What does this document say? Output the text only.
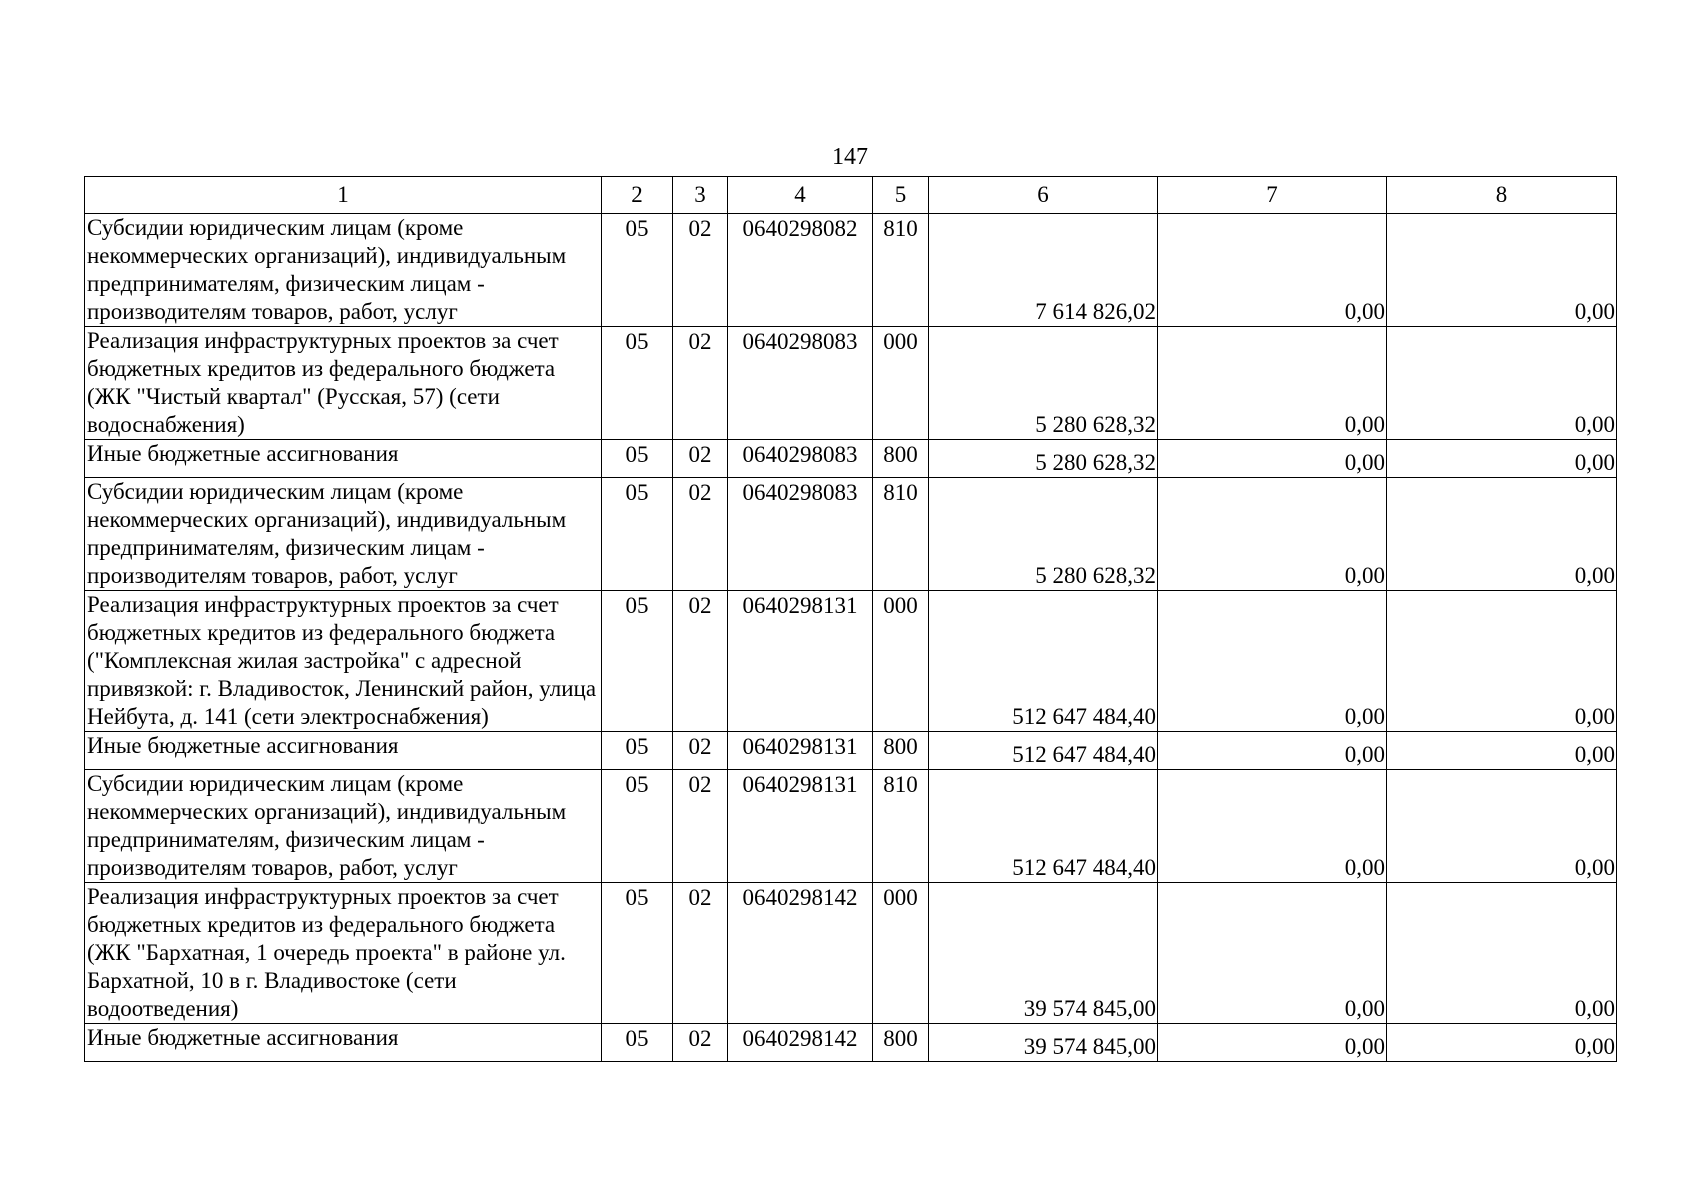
147
1	2	3	4	5	6	7	8
Субсидии юридическим лицам (кроме некоммерческих организаций), индивидуальным предпринимателям, физическим лицам - производителям товаров, работ, услуг	05	02	0640298082	810	7 614 826,02	0,00	0,00
Реализация инфраструктурных проектов за счет бюджетных кредитов из федерального бюджета (ЖК "Чистый квартал" (Русская, 57) (сети водоснабжения)	05	02	0640298083	000	5 280 628,32	0,00	0,00
Иные бюджетные ассигнования	05	02	0640298083	800	5 280 628,32	0,00	0,00
Субсидии юридическим лицам (кроме некоммерческих организаций), индивидуальным предпринимателям, физическим лицам - производителям товаров, работ, услуг	05	02	0640298083	810	5 280 628,32	0,00	0,00
Реализация инфраструктурных проектов за счет бюджетных кредитов из федерального бюджета ("Комплексная жилая застройка" с адресной привязкой: г. Владивосток, Ленинский район, улица Нейбута, д. 141 (сети электроснабжения)	05	02	0640298131	000	512 647 484,40	0,00	0,00
Иные бюджетные ассигнования	05	02	0640298131	800	512 647 484,40	0,00	0,00
Субсидии юридическим лицам (кроме некоммерческих организаций), индивидуальным предпринимателям, физическим лицам - производителям товаров, работ, услуг	05	02	0640298131	810	512 647 484,40	0,00	0,00
Реализация инфраструктурных проектов за счет бюджетных кредитов из федерального бюджета (ЖК "Бархатная, 1 очередь проекта" в районе ул. Бархатной, 10 в г. Владивостоке (сети водоотведения)	05	02	0640298142	000	39 574 845,00	0,00	0,00
Иные бюджетные ассигнования	05	02	0640298142	800	39 574 845,00	0,00	0,00
